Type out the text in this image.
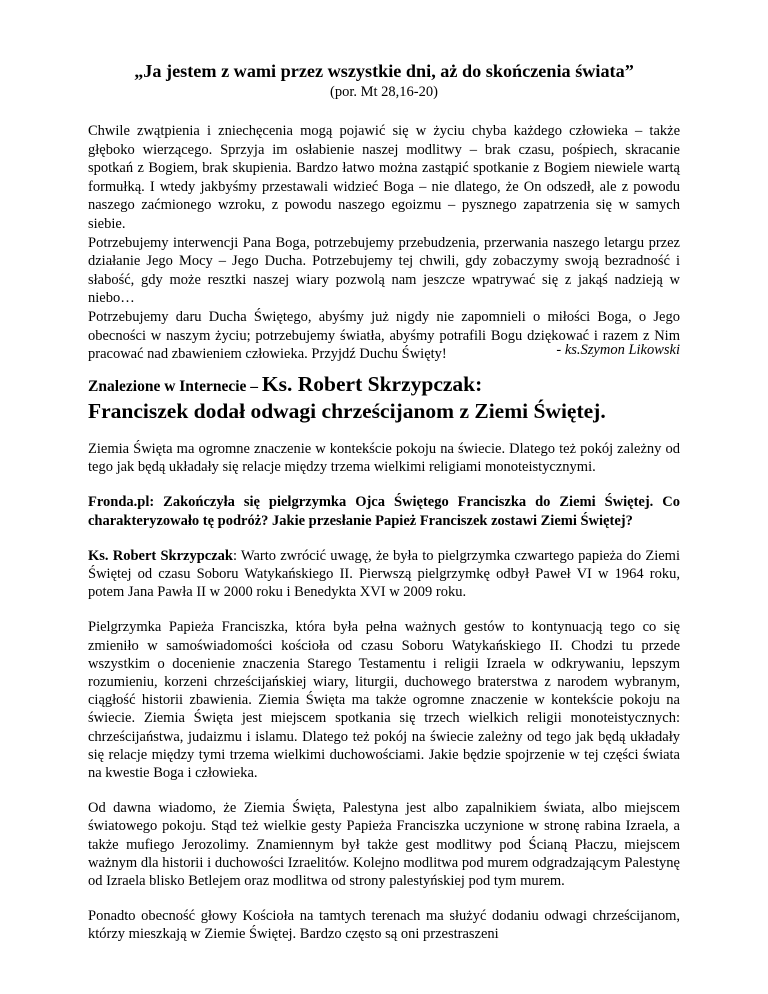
„Ja jestem z wami przez wszystkie dni, aż do skończenia świata”
(por. Mt 28,16-20)

Chwile zwątpienia i zniechęcenia mogą pojawić się w życiu chyba każdego człowieka – także głęboko wierzącego. Sprzyja im osłabienie naszej modlitwy – brak czasu, pośpiech, skracanie spotkań z Bogiem, brak skupienia. Bardzo łatwo można zastąpić spotkanie z Bogiem niewiele wartą formułką. I wtedy jakbyśmy przestawali widzieć Boga – nie dlatego, że On odszedł, ale z powodu naszego zaćmionego wzroku, z powodu naszego egoizmu – pysznego zapatrzenia się w samych siebie.

Potrzebujemy interwencji Pana Boga, potrzebujemy przebudzenia, przerwania naszego letargu przez działanie Jego Mocy – Jego Ducha. Potrzebujemy tej chwili, gdy zobaczymy swoją bezradność i słabość, gdy może resztki naszej wiary pozwolą nam jeszcze wpatrywać się z jakąś nadzieją w niebo…

Potrzebujemy daru Ducha Świętego, abyśmy już nigdy nie zapomnieli o miłości Boga, o Jego obecności w naszym życiu; potrzebujemy światła, abyśmy potrafili Bogu dziękować i razem z Nim pracować nad zbawieniem człowieka. Przyjdź Duchu Święty!	- ks.Szymon Likowski
Znalezione w Internecie – Ks. Robert Skrzypczak:
Franciszek dodał odwagi chrześcijanom z Ziemi Świętej.

Ziemia Święta ma ogromne znaczenie w kontekście pokoju na świecie. Dlatego też pokój zależny od tego jak będą układały się relacje między trzema wielkimi religiami monoteistycznymi.

Fronda.pl: Zakończyła się pielgrzymka Ojca Świętego Franciszka do Ziemi Świętej. Co charakteryzowało tę podróż? Jakie przesłanie Papież Franciszek zostawi Ziemi Świętej?

Ks. Robert Skrzypczak: Warto zwrócić uwagę, że była to pielgrzymka czwartego papieża do Ziemi Świętej od czasu Soboru Watykańskiego II. Pierwszą pielgrzymkę odbył Paweł VI w 1964 roku, potem Jana Pawła II w 2000 roku i Benedykta XVI w 2009 roku.

Pielgrzymka Papieża Franciszka, która była pełna ważnych gestów to kontynuacją tego co się zmieniło w samoświadomości kościoła od czasu Soboru Watykańskiego II. Chodzi tu przede wszystkim o docenienie znaczenia Starego Testamentu i religii Izraela w odkrywaniu, lepszym rozumieniu, korzeni chrześcijańskiej wiary, liturgii, duchowego braterstwa z narodem wybranym, ciągłość historii zbawienia. Ziemia Święta ma także ogromne znaczenie w kontekście pokoju na świecie. Ziemia Święta jest miejscem spotkania się trzech wielkich religii monoteistycznych: chrześcijaństwa, judaizmu i islamu. Dlatego też pokój na świecie zależny od tego jak będą układały się relacje między tymi trzema wielkimi duchowościami. Jakie będzie spojrzenie w tej części świata na kwestie Boga i człowieka.

Od dawna wiadomo, że Ziemia Święta, Palestyna jest albo zapalnikiem świata, albo miejscem światowego pokoju. Stąd też wielkie gesty Papieża Franciszka uczynione w stronę rabina Izraela, a także mufiego Jerozolimy. Znamiennym był także gest modlitwy pod Ścianą Płaczu, miejscem ważnym dla historii i duchowości Izraelitów. Kolejno modlitwa pod murem odgradzającym Palestynę od Izraela blisko Betlejem oraz modlitwa od strony palestyńskiej pod tym murem.

Ponadto obecność głowy Kościoła na tamtych terenach ma służyć dodaniu odwagi chrześcijanom, którzy mieszkają w Ziemie Świętej. Bardzo często są oni przestraszeni
